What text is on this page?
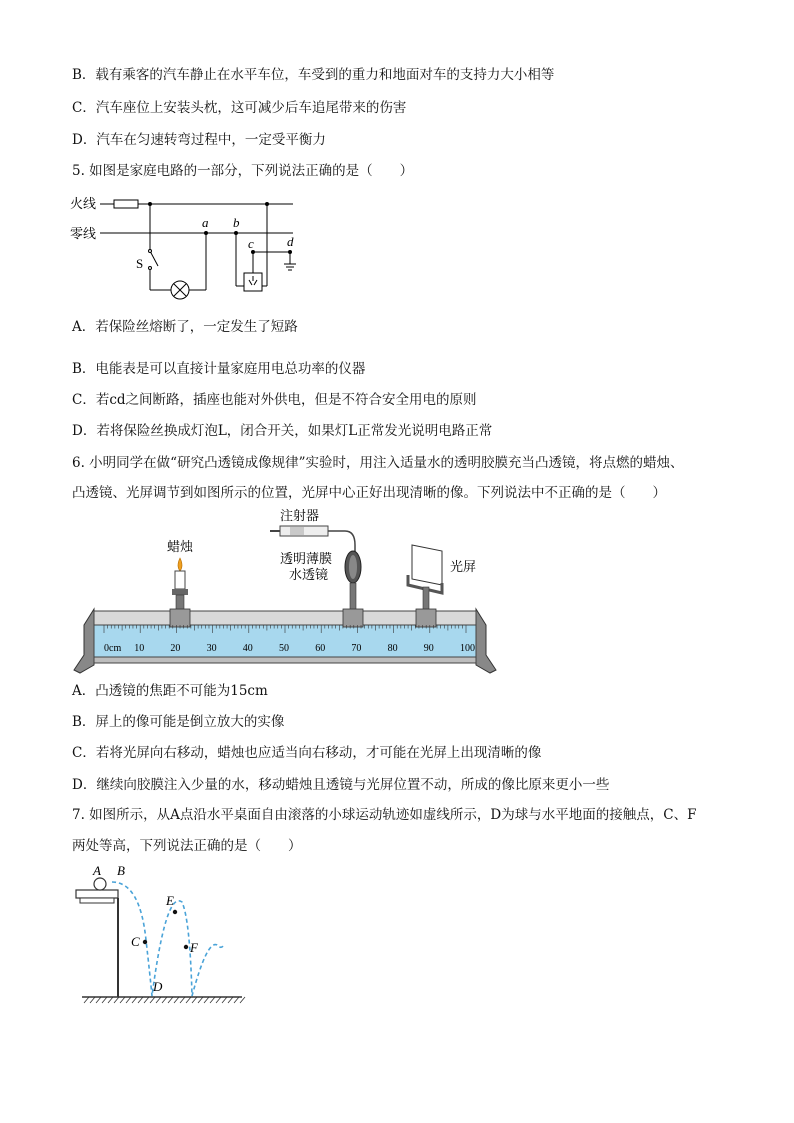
B．载有乘客的汽车静止在水平车位，车受到的重力和地面对车的支持力大小相等
C．汽车座位上安装头枕，这可减少后车追尾带来的伤害
D．汽车在匀速转弯过程中，一定受平衡力
5. 如图是家庭电路的一部分，下列说法正确的是（　　）
火线
零线
S
a b
c	d
A．若保险丝熔断了，一定发生了短路
B．电能表是可以直接计量家庭用电总功率的仪器
C．若cd之间断路，插座也能对外供电，但是不符合安全用电的原则
D．若将保险丝换成灯泡L，闭合开关，如果灯L正常发光说明电路正常
6. 小明同学在做“研究凸透镜成像规律”实验时，用注入适量水的透明胶膜充当凸透镜，将点燃的蜡烛、
凸透镜、光屏调节到如图所示的位置，光屏中心正好出现清晰的像。下列说法中不正确的是（　　）
注射器
透明薄膜
水透镜
蜡烛
光屏
0cm 10	20	30	40	50	60	70	80	90	100
A．凸透镜的焦距不可能为15cm
B．屏上的像可能是倒立放大的实像
C．若将光屏向右移动，蜡烛也应适当向右移动，才可能在光屏上出现清晰的像
D．继续向胶膜注入少量的水，移动蜡烛且透镜与光屏位置不动，所成的像比原来更小一些
7. 如图所示，从A点沿水平桌面自由滚落的小球运动轨迹如虚线所示，D为球与水平地面的接触点，C、F
两处等高，下列说法正确的是（　　）
A B
C
E
F
D
